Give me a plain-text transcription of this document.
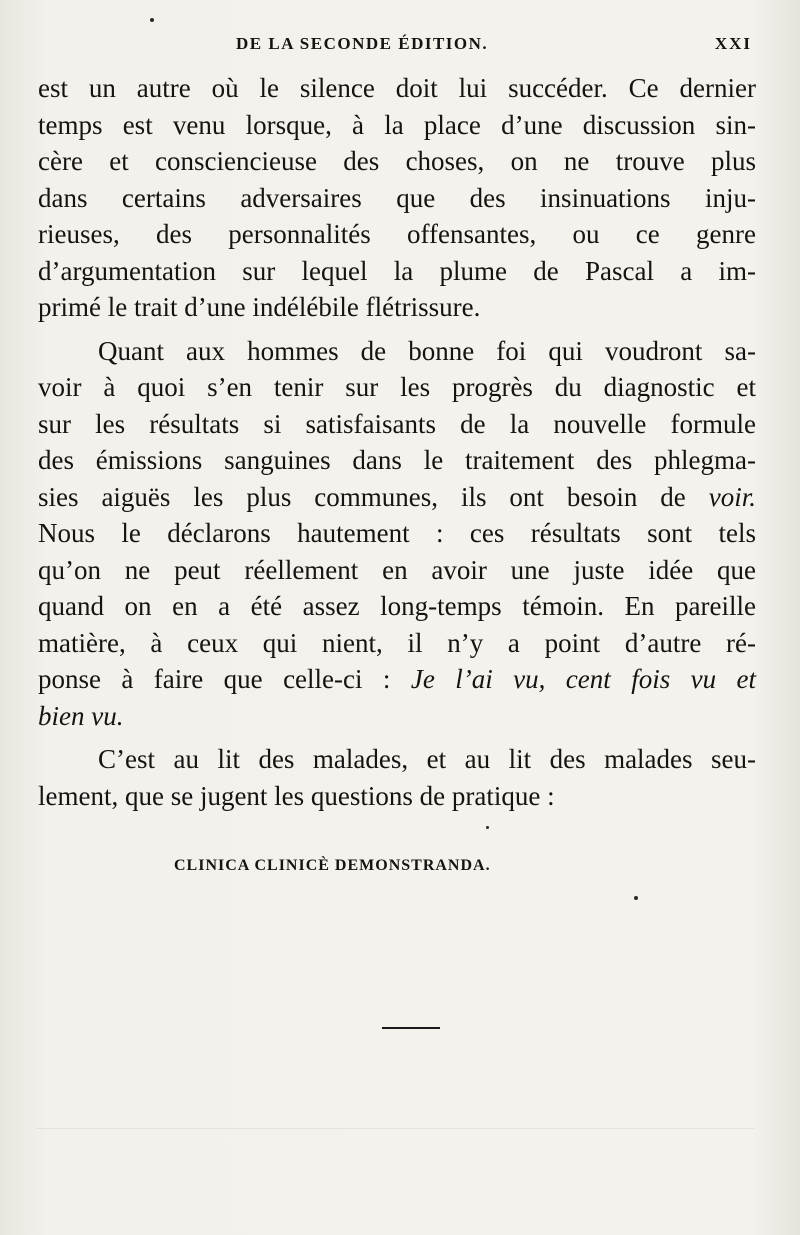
DE LA SECONDE ÉDITION.	XXI
est un autre où le silence doit lui succéder. Ce dernier
temps est venu lorsque, à la place d’une discussion sin-
cère et consciencieuse des choses, on ne trouve plus
dans certains adversaires que des insinuations inju-
rieuses, des personnalités offensantes, ou ce genre
d’argumentation sur lequel la plume de Pascal a im-
primé le trait d’une indélébile flétrissure.
Quant aux hommes de bonne foi qui voudront sa-
voir à quoi s’en tenir sur les progrès du diagnostic et
sur les résultats si satisfaisants de la nouvelle formule
des émissions sanguines dans le traitement des phlegma-
sies aiguës les plus communes, ils ont besoin de voir.
Nous le déclarons hautement : ces résultats sont tels
qu’on ne peut réellement en avoir une juste idée que
quand on en a été assez long-temps témoin. En pareille
matière, à ceux qui nient, il n’y a point d’autre ré-
ponse à faire que celle-ci : Je l’ai vu, cent fois vu et
bien vu.
C’est au lit des malades, et au lit des malades seu-
lement, que se jugent les questions de pratique :
CLINICA CLINICÈ DEMONSTRANDA.
